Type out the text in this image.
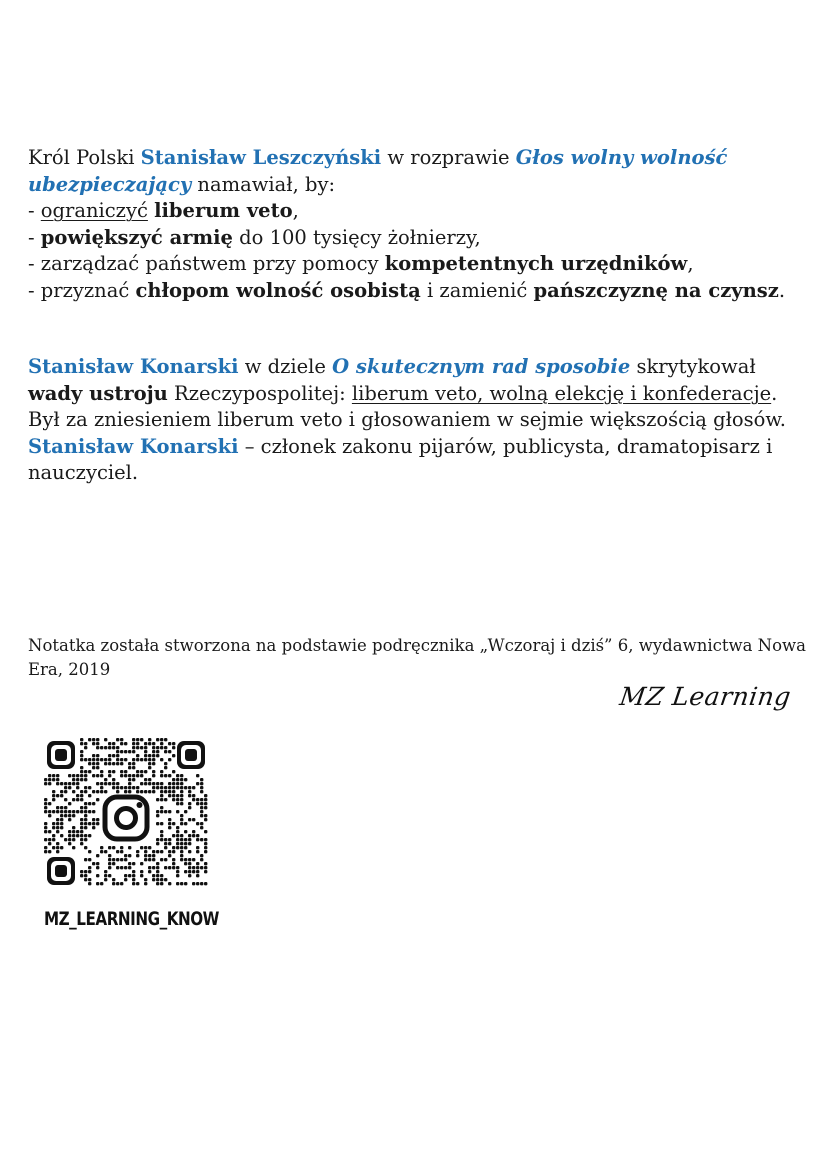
Król Polski Stanisław Leszczyński w rozprawie Głos wolny wolność ubezpieczający namawiał, by:
- ograniczyć liberum veto,
- powiększyć armię do 100 tysięcy żołnierzy,
- zarządzać państwem przy pomocy kompetentnych urzędników,
- przyznać chłopom wolność osobistą i zamienić pańszczyznę na czynsz.
Stanisław Konarski w dziele O skutecznym rad sposobie skrytykował wady ustroju Rzeczypospolitej: liberum veto, wolną elekcję i konfederacje. Był za zniesieniem liberum veto i głosowaniem w sejmie większością głosów.
Stanisław Konarski – członek zakonu pijarów, publicysta, dramatopisarz i nauczyciel.
Notatka została stworzona na podstawie podręcznika „Wczoraj i dziś” 6, wydawnictwa Nowa Era, 2019
MZ Learning
MZ_LEARNING_KNOW
